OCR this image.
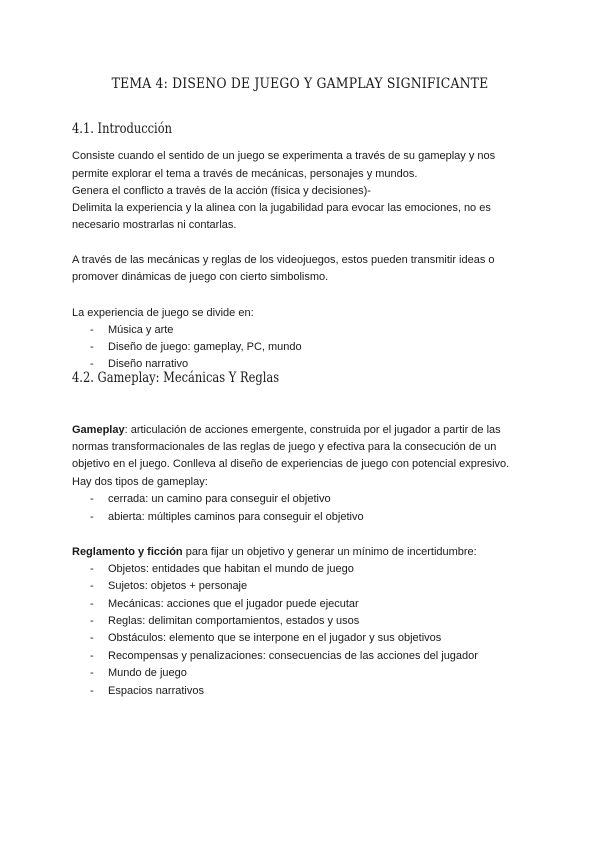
TEMA 4: DISEÑO DE JUEGO Y GAMPLAY SIGNIFICANTE
4.1. Introducción
Consiste cuando el sentido de un juego se experimenta a través de su gameplay y nos
permite explorar el tema a través de mecánicas, personajes y mundos.
Genera el conflicto a través de la acción (física y decisiones)-
Delimita la experiencia y la alinea con la jugabilidad para evocar las emociones, no es
necesario mostrarlas ni contarlas.
A través de las mecánicas y reglas de los videojuegos, estos pueden transmitir ideas o
promover dinámicas de juego con cierto simbolismo.
La experiencia de juego se divide en:
- Música y arte
- Diseño de juego: gameplay, PC, mundo
- Diseño narrativo
4.2. Gameplay: Mecánicas Y Reglas
Gameplay: articulación de acciones emergente, construida por el jugador a partir de las
normas transformacionales de las reglas de juego y efectiva para la consecución de un
objetivo en el juego. Conlleva al diseño de experiencias de juego con potencial expresivo.
Hay dos tipos de gameplay:
- cerrada: un camino para conseguir el objetivo
- abierta: múltiples caminos para conseguir el objetivo
Reglamento y ficción para fijar un objetivo y generar un mínimo de incertidumbre:
- Objetos: entidades que habitan el mundo de juego
- Sujetos: objetos + personaje
- Mecánicas: acciones que el jugador puede ejecutar
- Reglas: delimitan comportamientos, estados y usos
- Obstáculos: elemento que se interpone en el jugador y sus objetivos
- Recompensas y penalizaciones: consecuencias de las acciones del jugador
- Mundo de juego
- Espacios narrativos
